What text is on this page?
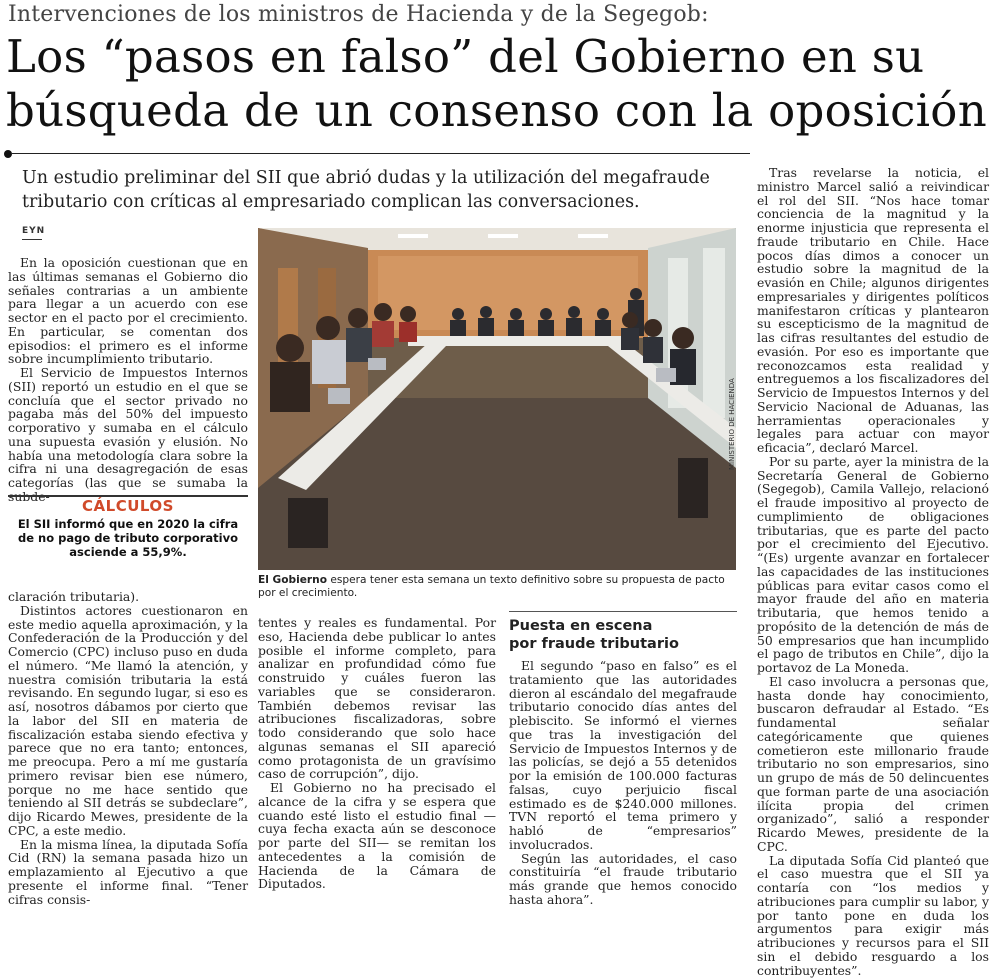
Intervenciones de los ministros de Hacienda y de la Segegob:
Los “pasos en falso” del Gobierno en su búsqueda de un consenso con la oposición
Un estudio preliminar del SII que abrió dudas y la utilización del megafraude tributario con críticas al empresariado complican las conversaciones.
EYN

En la oposición cuestionan que en las últimas semanas el Gobierno dio señales contrarias a un ambiente para llegar a un acuerdo con ese sector en el pacto por el crecimiento. En particular, se comentan dos episodios: el primero es el informe sobre incumplimiento tributario.

El Servicio de Impuestos Internos (SII) reportó un estudio en el que se concluía que el sector privado no pagaba más del 50% del impuesto corporativo y sumaba en el cálculo una supuesta evasión y elusión. No había una metodología clara sobre la cifra ni una desagregación de esas categorías (las que se sumaba la subde-

CÁLCULOS
El SII informó que en 2020 la cifra de no pago de tributo corporativo asciende a 55,9%.

claración tributaria).

Distintos actores cuestionaron en este medio aquella aproximación, y la Confederación de la Producción y del Comercio (CPC) incluso puso en duda el número. “Me llamó la atención, y nuestra comisión tributaria la está revisando. En segundo lugar, si eso es así, nosotros dábamos por cierto que la labor del SII en materia de fiscalización estaba siendo efectiva y parece que no era tanto; entonces, me preocupa. Pero a mí me gustaría primero revisar bien ese número, porque no me hace sentido que teniendo al SII detrás se subdeclare”, dijo Ricardo Mewes, presidente de la CPC, a este medio.

En la misma línea, la diputada Sofía Cid (RN) la semana pasada hizo un emplazamiento al Ejecutivo a que presente el informe final. “Tener cifras consis-

MINISTERIO DE HACIENDA
El Gobierno espera tener esta semana un texto definitivo sobre su propuesta de pacto por el crecimiento.

tentes y reales es fundamental. Por eso, Hacienda debe publicar lo antes posible el informe completo, para analizar en profundidad cómo fue construido y cuáles fueron las variables que se consideraron. También debemos revisar las atribuciones fiscalizadoras, sobre todo considerando que solo hace algunas semanas el SII apareció como protagonista de un gravísimo caso de corrupción”, dijo.

El Gobierno no ha precisado el alcance de la cifra y se espera que cuando esté listo el estudio final —cuya fecha exacta aún se desconoce por parte del SII— se remitan los antecedentes a la comisión de Hacienda de la Cámara de Diputados.

Puesta en escena
por fraude tributario

El segundo “paso en falso” es el tratamiento que las autoridades dieron al escándalo del megafraude tributario conocido días antes del plebiscito. Se informó el viernes que tras la investigación del Servicio de Impuestos Internos y de las policías, se dejó a 55 detenidos por la emisión de 100.000 facturas falsas, cuyo perjuicio fiscal estimado es de $240.000 millones. TVN reportó el tema primero y habló de “empresarios” involucrados.

Según las autoridades, el caso constituiría “el fraude tributario más grande que hemos conocido hasta ahora”.

Tras revelarse la noticia, el ministro Marcel salió a reivindicar el rol del SII. “Nos hace tomar conciencia de la magnitud y la enorme injusticia que representa el fraude tributario en Chile. Hace pocos días dimos a conocer un estudio sobre la magnitud de la evasión en Chile; algunos dirigentes empresariales y dirigentes políticos manifestaron críticas y plantearon su escepticismo de la magnitud de las cifras resultantes del estudio de evasión. Por eso es importante que reconozcamos esta realidad y entreguemos a los fiscalizadores del Servicio de Impuestos Internos y del Servicio Nacional de Aduanas, las herramientas operacionales y legales para actuar con mayor eficacia”, declaró Marcel.

Por su parte, ayer la ministra de la Secretaría General de Gobierno (Segegob), Camila Vallejo, relacionó el fraude impositivo al proyecto de cumplimiento de obligaciones tributarias, que es parte del pacto por el crecimiento del Ejecutivo. “(Es) urgente avanzar en fortalecer las capacidades de las instituciones públicas para evitar casos como el mayor fraude del año en materia tributaria, que hemos tenido a propósito de la detención de más de 50 empresarios que han incumplido el pago de tributos en Chile”, dijo la portavoz de La Moneda.

El caso involucra a personas que, hasta donde hay conocimiento, buscaron defraudar al Estado. “Es fundamental señalar categóricamente que quienes cometieron este millonario fraude tributario no son empresarios, sino un grupo de más de 50 delincuentes que forman parte de una asociación ilícita propia del crimen organizado”, salió a responder Ricardo Mewes, presidente de la CPC.

La diputada Sofía Cid planteó que el caso muestra que el SII ya contaría con “los medios y atribuciones para cumplir su labor, y por tanto pone en duda los argumentos para exigir más atribuciones y recursos para el SII sin el debido resguardo a los contribuyentes”.
